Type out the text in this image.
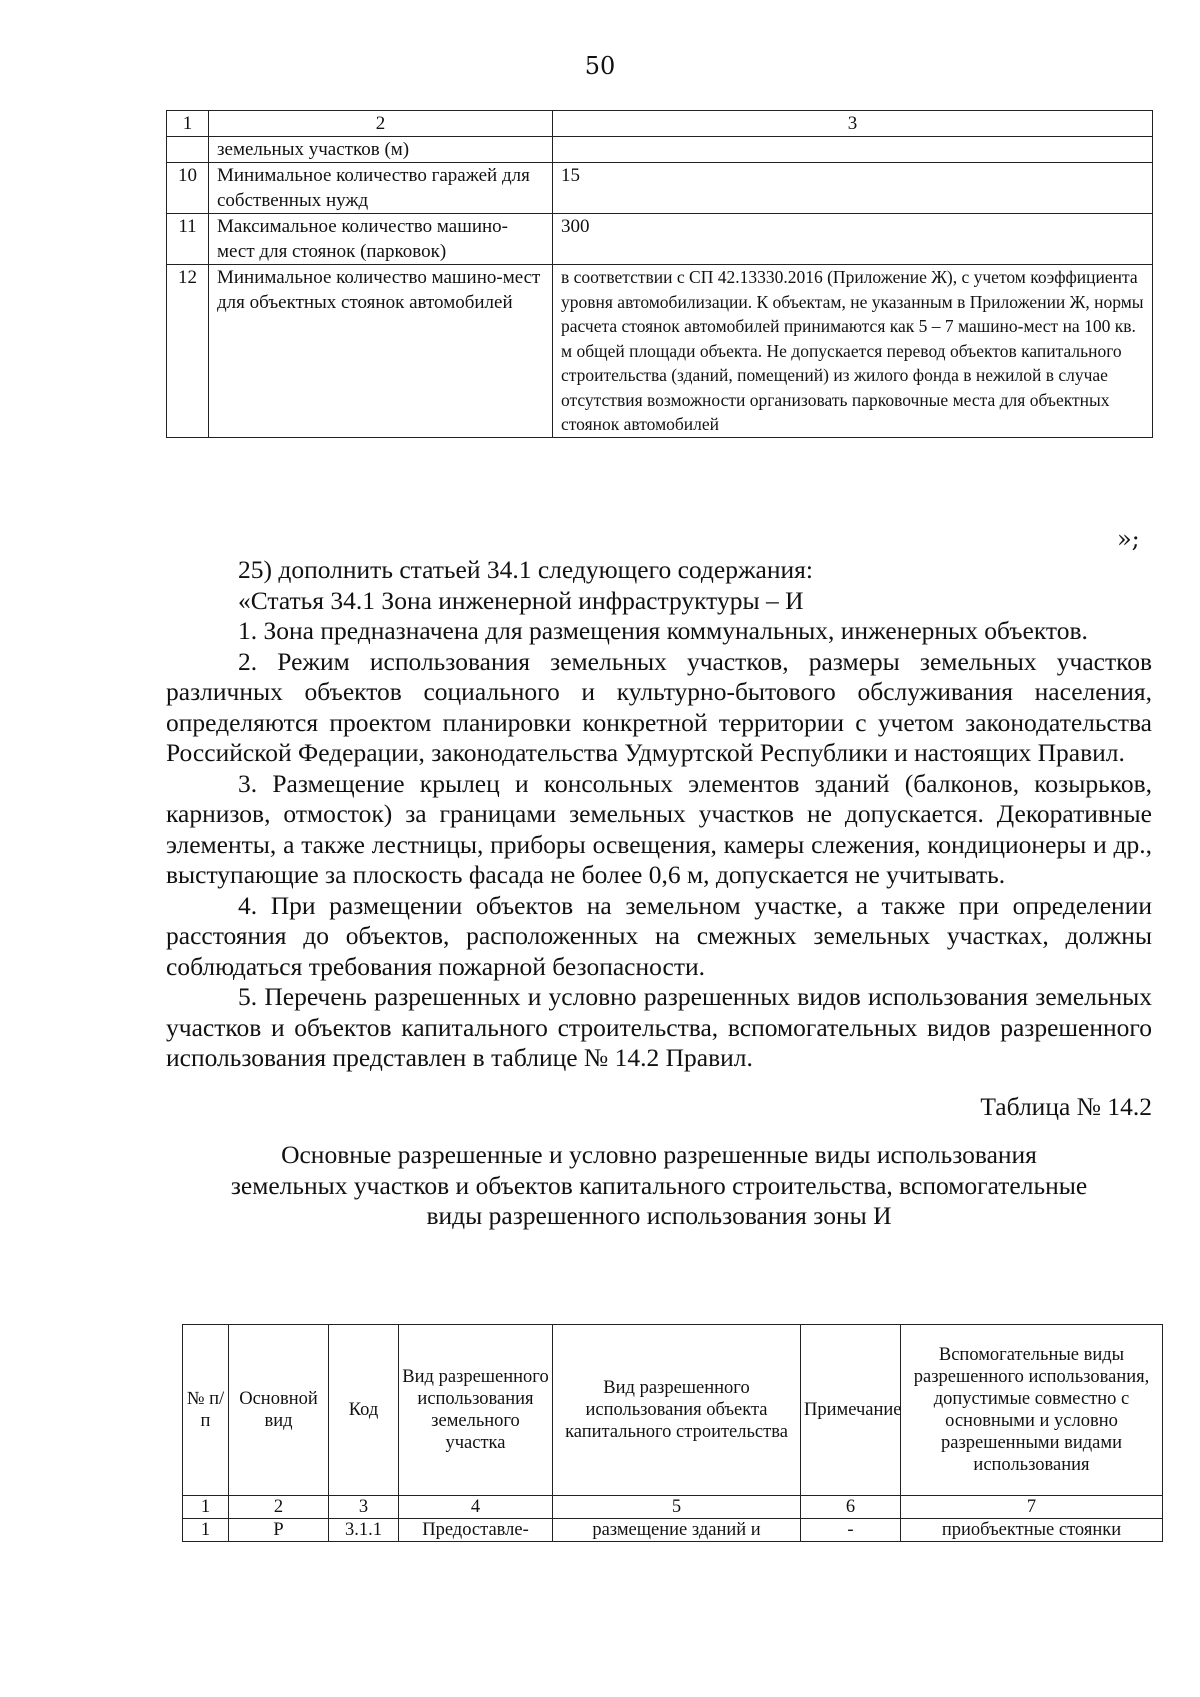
50
1	2	3
	земельных участков (м)	
10	Минимальное количество гаражей для собственных нужд	15
11	Максимальное количество машино-мест для стоянок (парковок)	300
12	Минимальное количество машино-мест для объектных стоянок автомобилей	в соответствии с СП 42.13330.2016 (Приложение Ж), с учетом коэффициента уровня автомобилизации. К объектам, не указанным в Приложении Ж, нормы расчета стоянок автомобилей принимаются как 5 – 7 машино-мест на 100 кв. м общей площади объекта. Не допускается перевод объектов капитального строительства (зданий, помещений) из жилого фонда в нежилой в случае отсутствия возможности организовать парковочные места для объектных стоянок автомобилей
»;

25) дополнить статьей 34.1 следующего содержания:

«Статья 34.1 Зона инженерной инфраструктуры – И

1. Зона предназначена для размещения коммунальных, инженерных объектов.

2. Режим использования земельных участков, размеры земельных участков различных объектов социального и культурно-бытового обслуживания населения, определяются проектом планировки конкретной территории с учетом законодательства Российской Федерации, законодательства Удмуртской Республики и настоящих Правил.

3. Размещение крылец и консольных элементов зданий (балконов, козырьков, карнизов, отмосток) за границами земельных участков не допускается. Декоративные элементы, а также лестницы, приборы освещения, камеры слежения, кондиционеры и др., выступающие за плоскость фасада не более 0,6 м, допускается не учитывать.

4. При размещении объектов на земельном участке, а также при определении расстояния до объектов, расположенных на смежных земельных участках, должны соблюдаться требования пожарной безопасности.

5. Перечень разрешенных и условно разрешенных видов использования земельных участков и объектов капитального строительства, вспомогательных видов разрешенного использования представлен в таблице № 14.2 Правил.

Таблица № 14.2

Основные разрешенные и условно разрешенные виды использования земельных участков и объектов капитального строительства, вспомогательные виды разрешенного использования зоны И

№ п/п	Основной вид	Код	Вид разрешенного использования земельного участка	Вид разрешенного использования объекта капитального строительства	Примечание	Вспомогательные виды разрешенного использования, допустимые совместно с основными и условно разрешенными видами использования
1	2	3	4	5	6	7
1	Р	3.1.1	Предоставле-	размещение зданий и	-	приобъектные стоянки
